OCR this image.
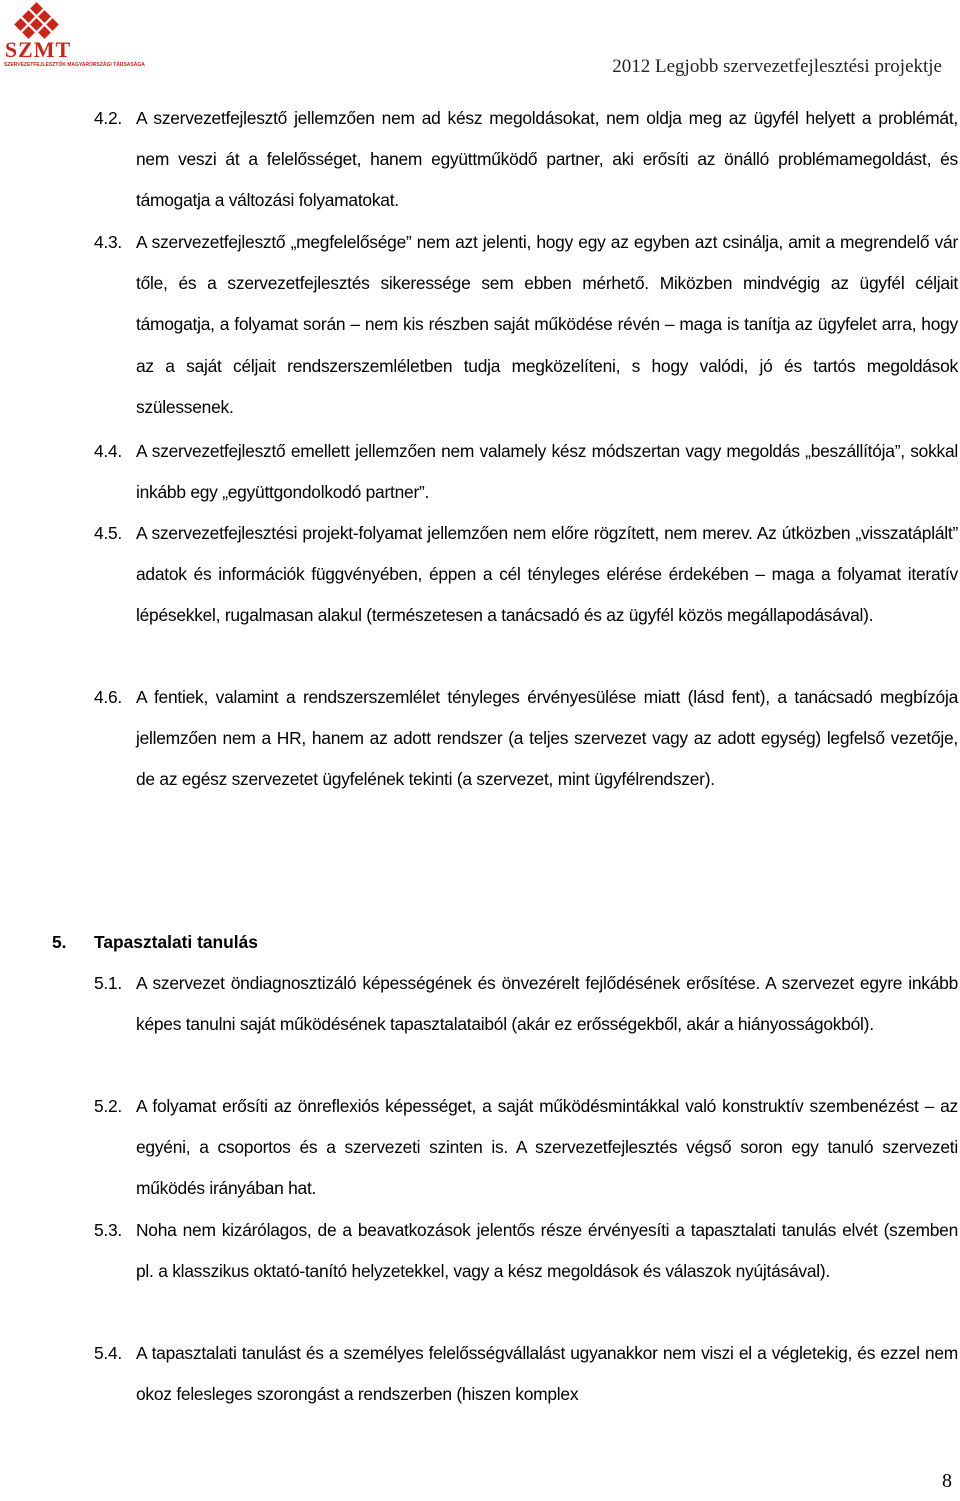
SZMT
SZERVEZETFEJLESZTŐK MAGYARORSZÁGI TÁRSASÁGA	2012 Legjobb szervezetfejlesztési projektje
4.2. A szervezetfejlesztő jellemzően nem ad kész megoldásokat, nem oldja meg az ügyfél helyett a problémát, nem veszi át a felelősséget, hanem együttműködő partner, aki erősíti az önálló problémamegoldást, és támogatja a változási folyamatokat.
4.3. A szervezetfejlesztő „megfelelősége” nem azt jelenti, hogy egy az egyben azt csinálja, amit a megrendelő vár tőle, és a szervezetfejlesztés sikeressége sem ebben mérhető. Miközben mindvégig az ügyfél céljait támogatja, a folyamat során – nem kis részben saját működése révén – maga is tanítja az ügyfelet arra, hogy az a saját céljait rendszerszemléletben tudja megközelíteni, s hogy valódi, jó és tartós megoldások szülessenek.
4.4. A szervezetfejlesztő emellett jellemzően nem valamely kész módszertan vagy megoldás „beszállítója”, sokkal inkább egy „együttgondolkodó partner”.
4.5. A szervezetfejlesztési projekt-folyamat jellemzően nem előre rögzített, nem merev. Az útközben „visszatáplált” adatok és információk függvényében, éppen a cél tényleges elérése érdekében – maga a folyamat iteratív lépésekkel, rugalmasan alakul (természetesen a tanácsadó és az ügyfél közös megállapodásával).
4.6. A fentiek, valamint a rendszerszemlélet tényleges érvényesülése miatt (lásd fent), a tanácsadó megbízója jellemzően nem a HR, hanem az adott rendszer (a teljes szervezet vagy az adott egység) legfelső vezetője, de az egész szervezetet ügyfelének tekinti (a szervezet, mint ügyfélrendszer).
5. Tapasztalati tanulás
5.1. A szervezet öndiagnosztizáló képességének és önvezérelt fejlődésének erősítése. A szervezet egyre inkább képes tanulni saját működésének tapasztalataiból (akár ez erősségekből, akár a hiányosságokból).
5.2. A folyamat erősíti az önreflexiós képességet, a saját működésmintákkal való konstruktív szembenézést – az egyéni, a csoportos és a szervezeti szinten is. A szervezetfejlesztés végső soron egy tanuló szervezeti működés irányában hat.
5.3. Noha nem kizárólagos, de a beavatkozások jelentős része érvényesíti a tapasztalati tanulás elvét (szemben pl. a klasszikus oktató-tanító helyzetekkel, vagy a kész megoldások és válaszok nyújtásával).
5.4. A tapasztalati tanulást és a személyes felelősségvállalást ugyanakkor nem viszi el a végletekig, és ezzel nem okoz felesleges szorongást a rendszerben (hiszen komplex
8
